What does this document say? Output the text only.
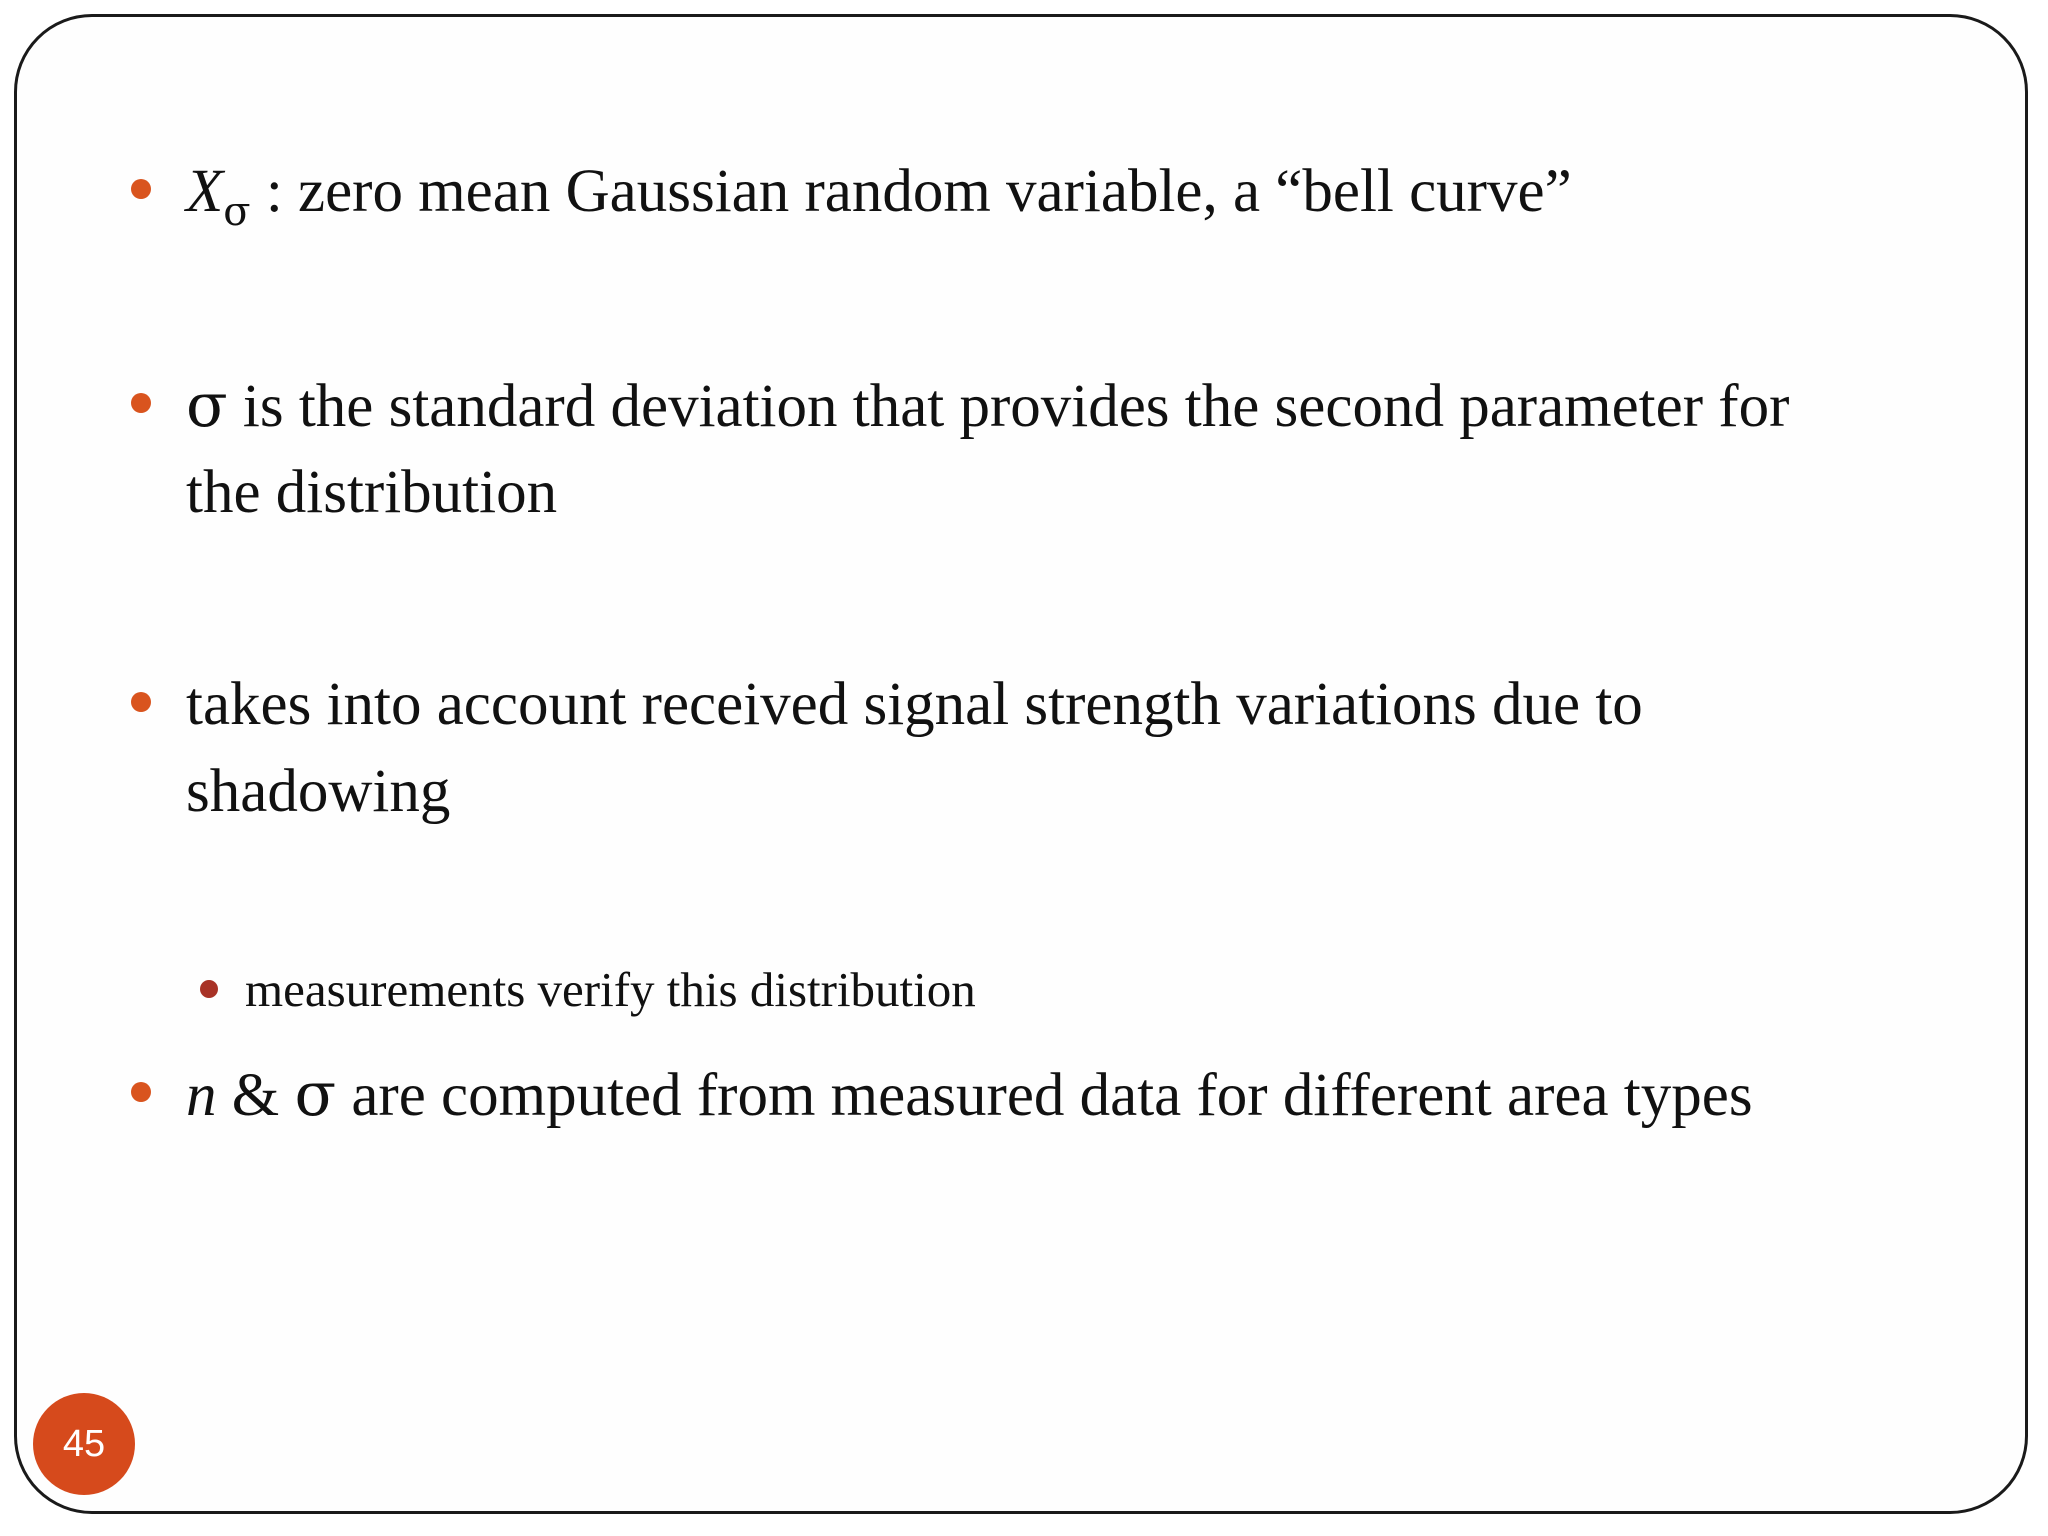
$X_\sigma$ : zero mean Gaussian random variable, a “bell curve”
σ is the standard deviation that provides the second parameter for
the distribution
takes into account received signal strength variations due to
shadowing
measurements verify this distribution
n & σ are computed from measured data for different area types
45
